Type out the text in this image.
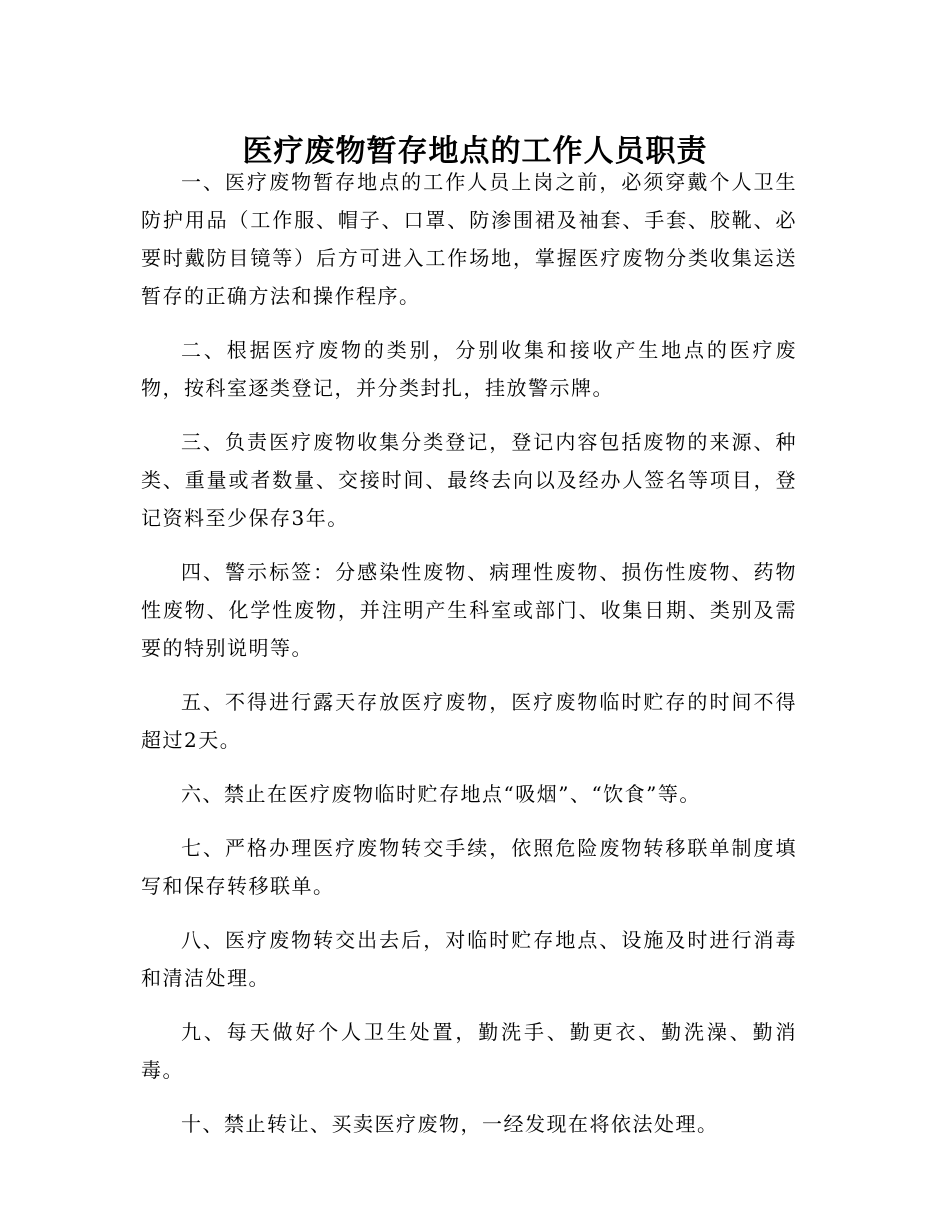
医疗废物暂存地点的工作人员职责

一、医疗废物暂存地点的工作人员上岗之前，必须穿戴个人卫生防护用品（工作服、帽子、口罩、防渗围裙及袖套、手套、胶靴、必要时戴防目镜等）后方可进入工作场地，掌握医疗废物分类收集运送暂存的正确方法和操作程序。

二、根据医疗废物的类别，分别收集和接收产生地点的医疗废物，按科室逐类登记，并分类封扎，挂放警示牌。

三、负责医疗废物收集分类登记，登记内容包括废物的来源、种类、重量或者数量、交接时间、最终去向以及经办人签名等项目，登记资料至少保存3年。

四、警示标签：分感染性废物、病理性废物、损伤性废物、药物性废物、化学性废物，并注明产生科室或部门、收集日期、类别及需要的特别说明等。

五、不得进行露天存放医疗废物，医疗废物临时贮存的时间不得超过2天。

六、禁止在医疗废物临时贮存地点“吸烟”、“饮食”等。

七、严格办理医疗废物转交手续，依照危险废物转移联单制度填写和保存转移联单。

八、医疗废物转交出去后，对临时贮存地点、设施及时进行消毒和清洁处理。

九、每天做好个人卫生处置，勤洗手、勤更衣、勤洗澡、勤消毒。

十、禁止转让、买卖医疗废物，一经发现在将依法处理。
